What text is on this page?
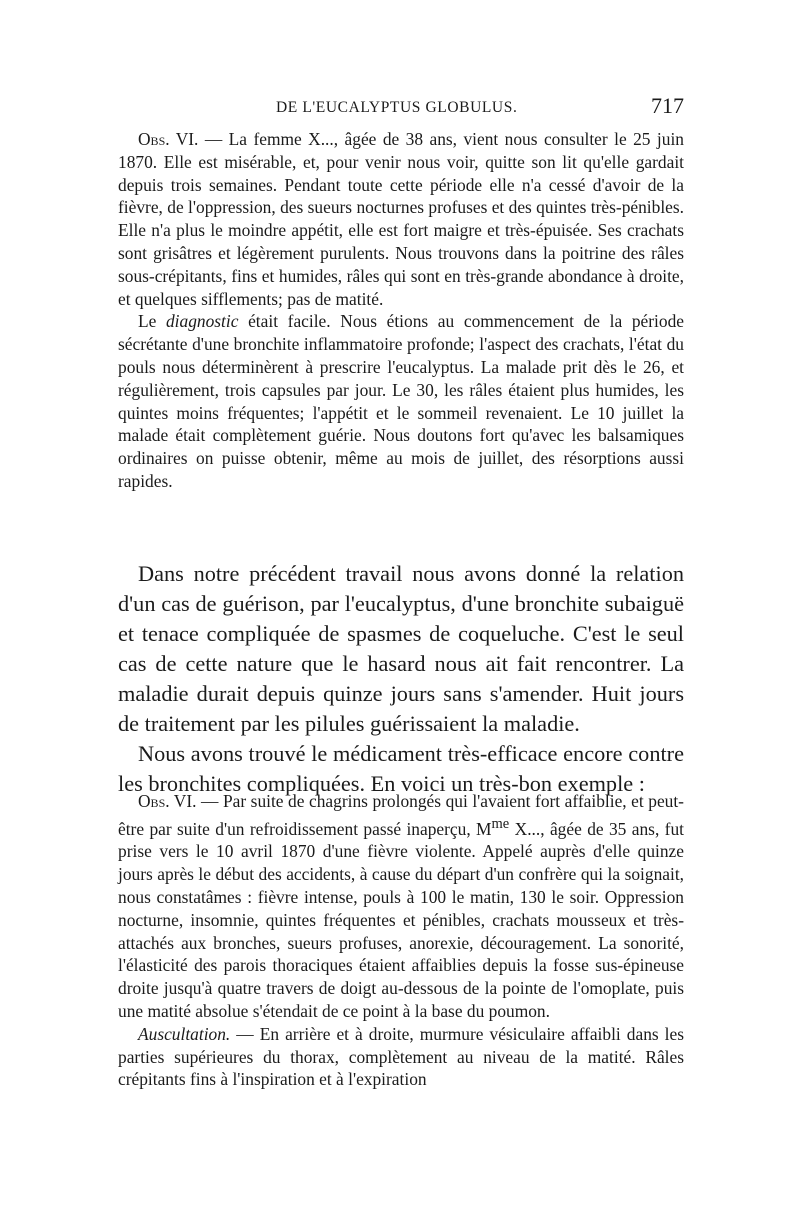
DE L'EUCALYPTUS GLOBULUS.	717

Obs. VI. — La femme X..., âgée de 38 ans, vient nous consulter le 25 juin 1870. Elle est misérable, et, pour venir nous voir, quitte son lit qu'elle gardait depuis trois semaines. Pendant toute cette période elle n'a cessé d'avoir de la fièvre, de l'oppression, des sueurs nocturnes profuses et des quintes très-pénibles. Elle n'a plus le moindre appétit, elle est fort maigre et très-épuisée. Ses crachats sont grisâtres et légèrement purulents. Nous trouvons dans la poitrine des râles sous-crépitants, fins et humides, râles qui sont en très-grande abondance à droite, et quelques sifflements; pas de matité.

Le diagnostic était facile. Nous étions au commencement de la période sécrétante d'une bronchite inflammatoire profonde; l'aspect des crachats, l'état du pouls nous déterminèrent à prescrire l'eucalyptus. La malade prit dès le 26, et régulièrement, trois capsules par jour. Le 30, les râles étaient plus humides, les quintes moins fréquentes; l'appétit et le sommeil revenaient. Le 10 juillet la malade était complètement guérie. Nous doutons fort qu'avec les balsamiques ordinaires on puisse obtenir, même au mois de juillet, des résorptions aussi rapides.

Dans notre précédent travail nous avons donné la relation d'un cas de guérison, par l'eucalyptus, d'une bronchite subaiguë et tenace compliquée de spasmes de coqueluche. C'est le seul cas de cette nature que le hasard nous ait fait rencontrer. La maladie durait depuis quinze jours sans s'amender. Huit jours de traitement par les pilules guérissaient la maladie.

Nous avons trouvé le médicament très-efficace encore contre les bronchites compliquées. En voici un très-bon exemple :

Obs. VI. — Par suite de chagrins prolongés qui l'avaient fort affaiblie, et peut-être par suite d'un refroidissement passé inaperçu, $M^{me}$ X..., âgée de 35 ans, fut prise vers le 10 avril 1870 d'une fièvre violente. Appelé auprès d'elle quinze jours après le début des accidents, à cause du départ d'un confrère qui la soignait, nous constatâmes : fièvre intense, pouls à 100 le matin, 130 le soir. Oppression nocturne, insomnie, quintes fréquentes et pénibles, crachats mousseux et très-attachés aux bronches, sueurs profuses, anorexie, découragement. La sonorité, l'élasticité des parois thoraciques étaient affaiblies depuis la fosse sus-épineuse droite jusqu'à quatre travers de doigt au-dessous de la pointe de l'omoplate, puis une matité absolue s'étendait de ce point à la base du poumon.

Auscultation. — En arrière et à droite, murmure vésiculaire affaibli dans les parties supérieures du thorax, complètement au niveau de la matité. Râles crépitants fins à l'inspiration et à l'expiration
